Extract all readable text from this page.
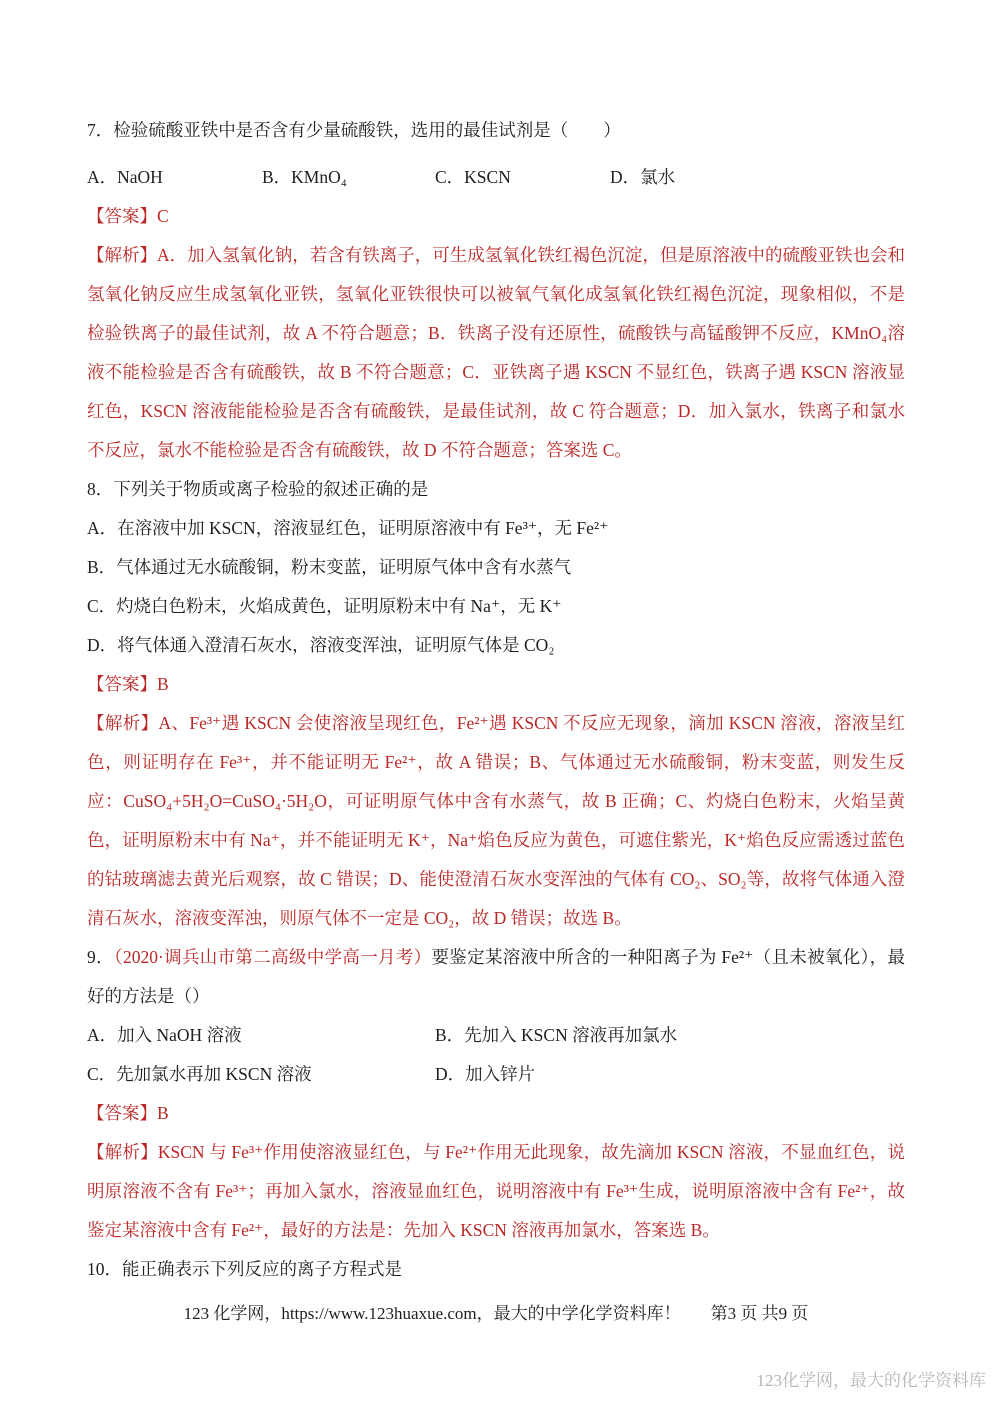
7．检验硫酸亚铁中是否含有少量硫酸铁，选用的最佳试剂是（　　）

A．NaOH	B．KMnO₄	C．KSCN	D．氯水

【答案】C

【解析】A．加入氢氧化钠，若含有铁离子，可生成氢氧化铁红褐色沉淀，但是原溶液中的硫酸亚铁也会和氢氧化钠反应生成氢氧化亚铁，氢氧化亚铁很快可以被氧气氧化成氢氧化铁红褐色沉淀，现象相似，不是检验铁离子的最佳试剂，故 A 不符合题意；B．铁离子没有还原性，硫酸铁与高锰酸钾不反应，KMnO₄溶液不能检验是否含有硫酸铁，故 B 不符合题意；C．亚铁离子遇 KSCN 不显红色，铁离子遇 KSCN 溶液显红色，KSCN 溶液能能检验是否含有硫酸铁，是最佳试剂，故 C 符合题意；D．加入氯水，铁离子和氯水不反应，氯水不能检验是否含有硫酸铁，故 D 不符合题意；答案选 C。

8．下列关于物质或离子检验的叙述正确的是

A．在溶液中加 KSCN，溶液显红色，证明原溶液中有 Fe³⁺，无 Fe²⁺

B．气体通过无水硫酸铜，粉末变蓝，证明原气体中含有水蒸气

C．灼烧白色粉末，火焰成黄色，证明原粉末中有 Na⁺，无 K⁺

D．将气体通入澄清石灰水，溶液变浑浊，证明原气体是 CO₂

【答案】B

【解析】A、Fe³⁺遇 KSCN 会使溶液呈现红色，Fe²⁺遇 KSCN 不反应无现象，滴加 KSCN 溶液，溶液呈红色，则证明存在 Fe³⁺，并不能证明无 Fe²⁺，故 A 错误；B、气体通过无水硫酸铜，粉末变蓝，则发生反应：CuSO₄+5H₂O=CuSO₄·5H₂O，可证明原气体中含有水蒸气，故 B 正确；C、灼烧白色粉末，火焰呈黄色，证明原粉末中有 Na⁺，并不能证明无 K⁺，Na⁺焰色反应为黄色，可遮住紫光，K⁺焰色反应需透过蓝色的钴玻璃滤去黄光后观察，故 C 错误；D、能使澄清石灰水变浑浊的气体有 CO₂、SO₂等，故将气体通入澄清石灰水，溶液变浑浊，则原气体不一定是 CO₂，故 D 错误；故选 B。

9．（2020·调兵山市第二高级中学高一月考）要鉴定某溶液中所含的一种阳离子为 Fe²⁺（且未被氧化），最好的方法是（）

A．加入 NaOH 溶液	B．先加入 KSCN 溶液再加氯水
C．先加氯水再加 KSCN 溶液	D．加入锌片

【答案】B

【解析】KSCN 与 Fe³⁺作用使溶液显红色，与 Fe²⁺作用无此现象，故先滴加 KSCN 溶液，不显血红色，说明原溶液不含有 Fe³⁺；再加入氯水，溶液显血红色，说明溶液中有 Fe³⁺生成，说明原溶液中含有 Fe²⁺，故鉴定某溶液中含有 Fe²⁺，最好的方法是：先加入 KSCN 溶液再加氯水，答案选 B。

10．能正确表示下列反应的离子方程式是

123 化学网，https://www.123huaxue.com，最大的中学化学资料库！ 第3 页 共9 页
123化学网，最大的化学资料库
